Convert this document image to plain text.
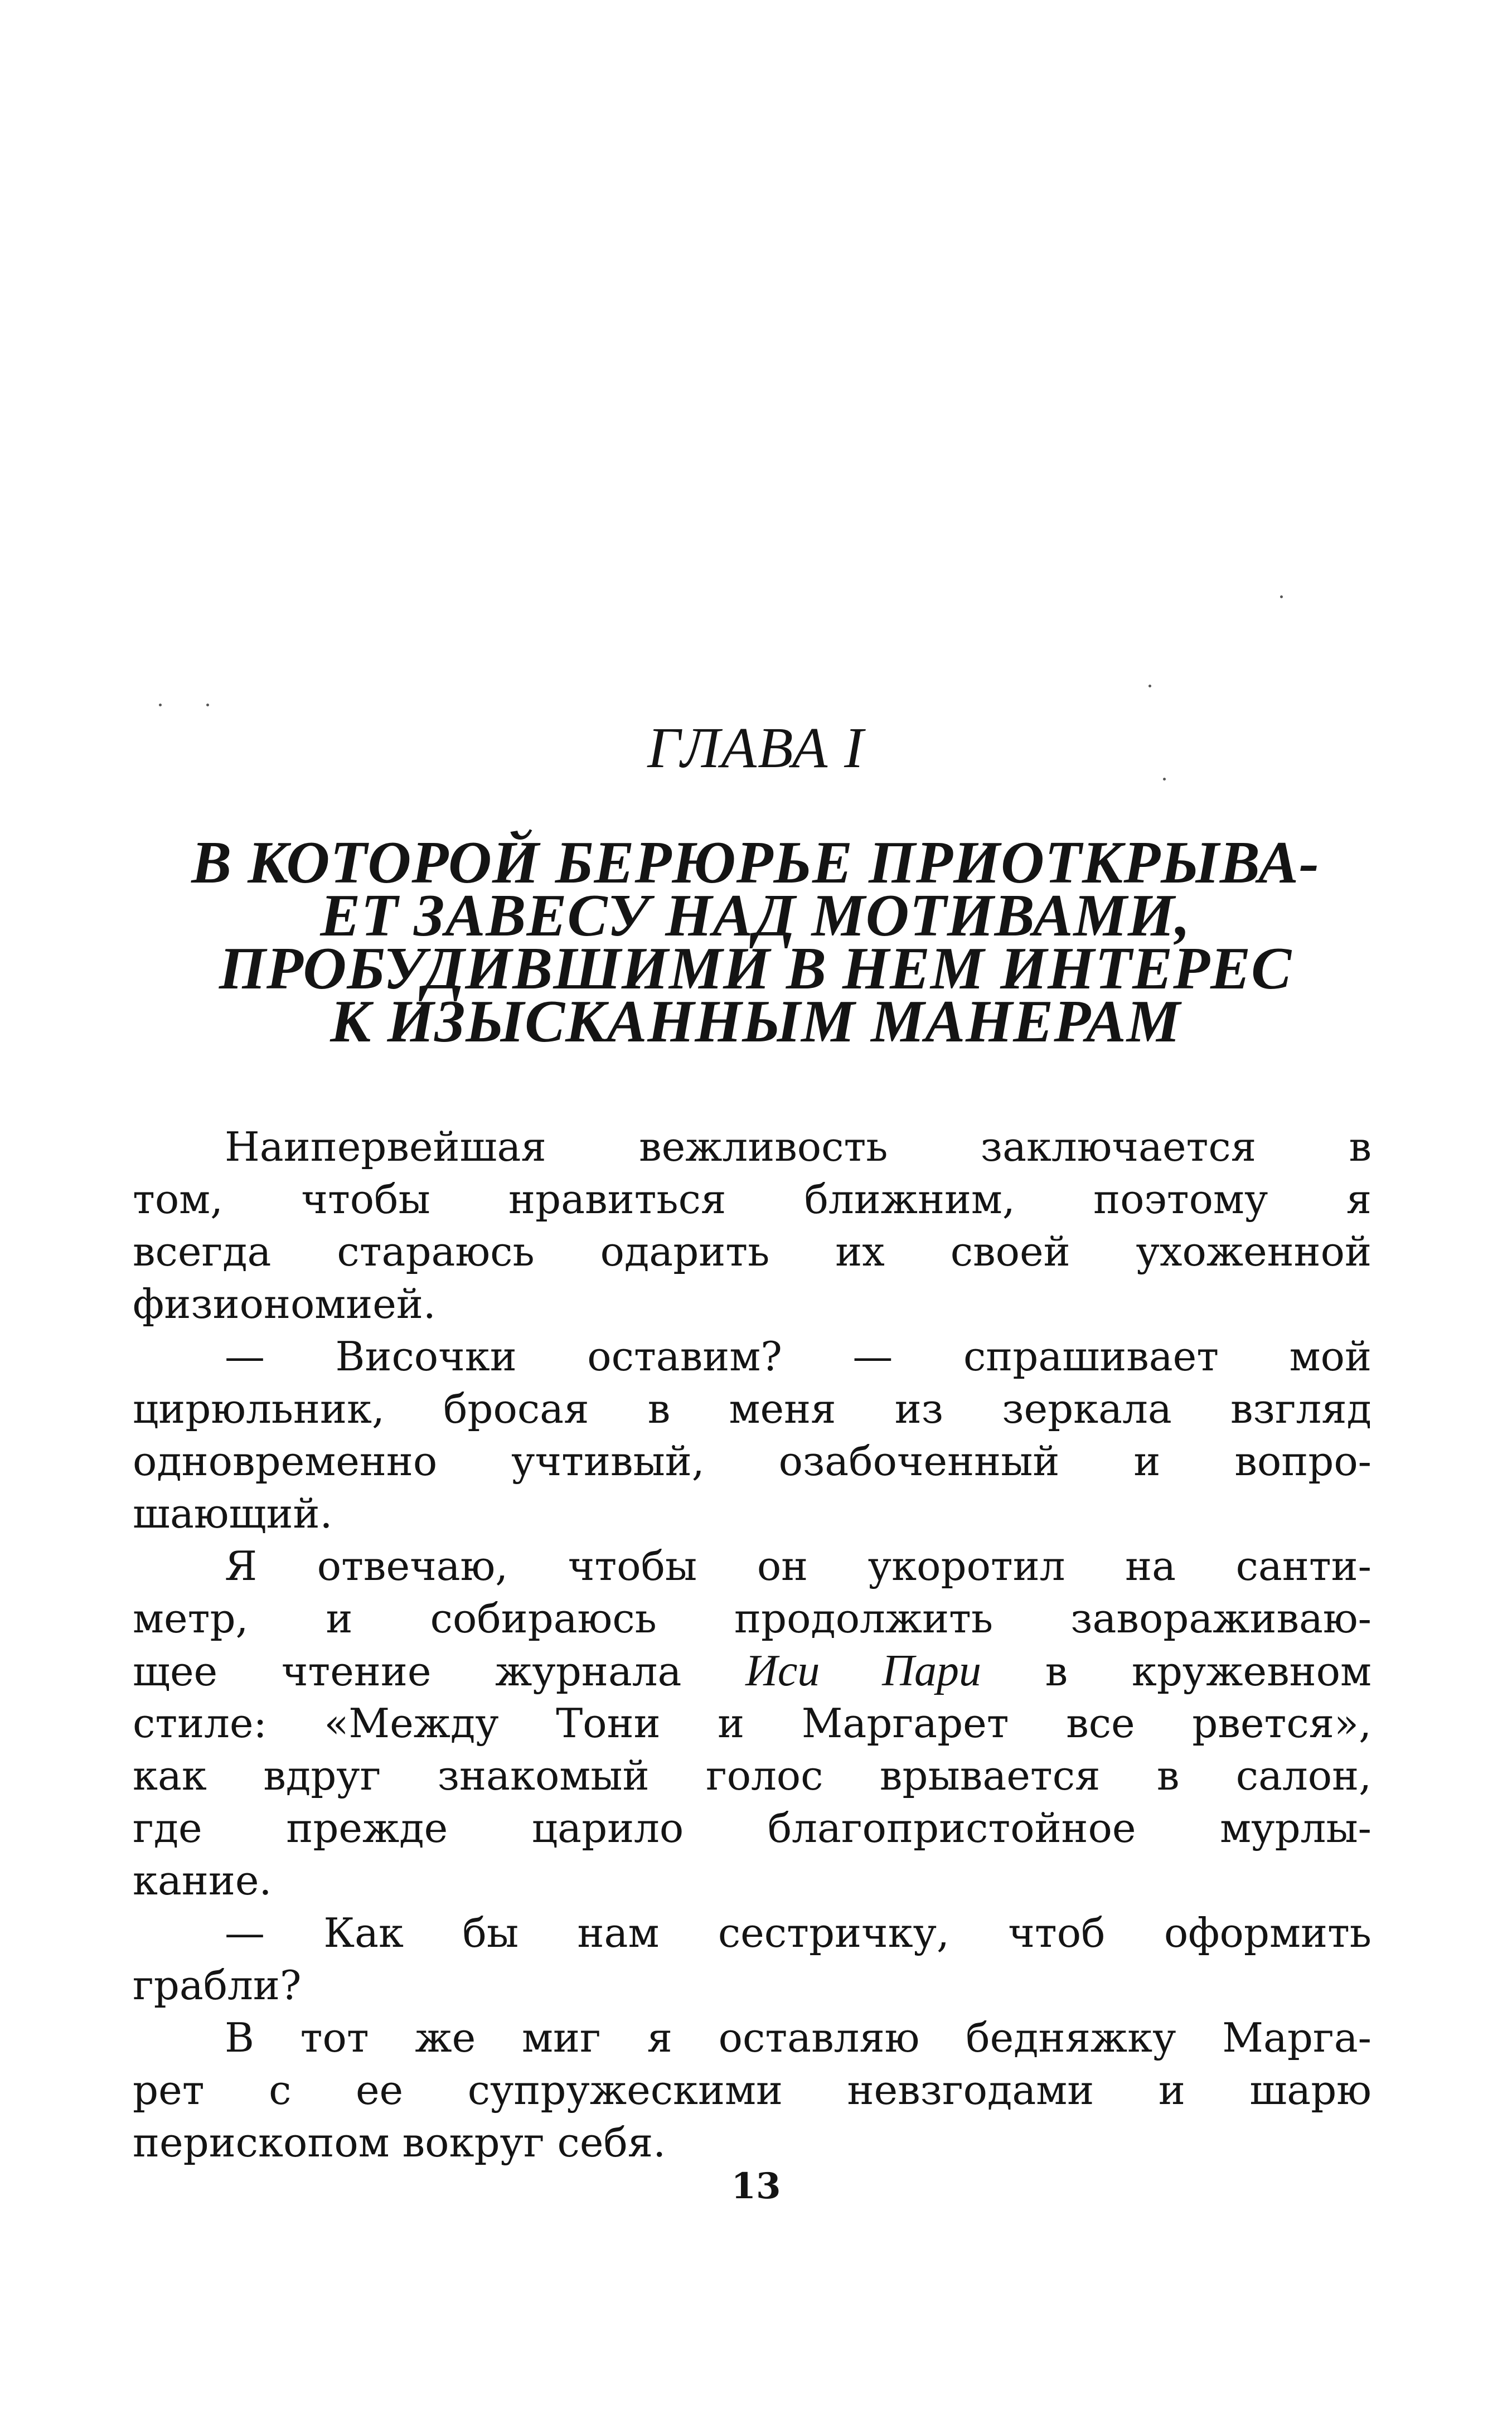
ГЛАВА I
В КОТОРОЙ БЕРЮРЬЕ ПРИОТКРЫВА-
ЕТ ЗАВЕСУ НАД МОТИВАМИ,
ПРОБУДИВШИМИ В НЕМ ИНТЕРЕС
К ИЗЫСКАННЫМ МАНЕРАМ
Наипервейшая вежливость заключается в
том, чтобы нравиться ближним, поэтому я
всегда стараюсь одарить их своей ухоженной
физиономией.
— Височки оставим? — спрашивает мой
цирюльник, бросая в меня из зеркала взгляд
одновременно учтивый, озабоченный и вопро-
шающий.
Я отвечаю, чтобы он укоротил на санти-
метр, и собираюсь продолжить завораживаю-
щее чтение журнала Иси Пари в кружевном
стиле: «Между Тони и Маргарет все рвется»,
как вдруг знакомый голос врывается в салон,
где прежде царило благопристойное мурлы-
кание.
— Как бы нам сестричку, чтоб оформить
грабли?
В тот же миг я оставляю бедняжку Марга-
рет с ее супружескими невзгодами и шарю
перископом вокруг себя.
13
